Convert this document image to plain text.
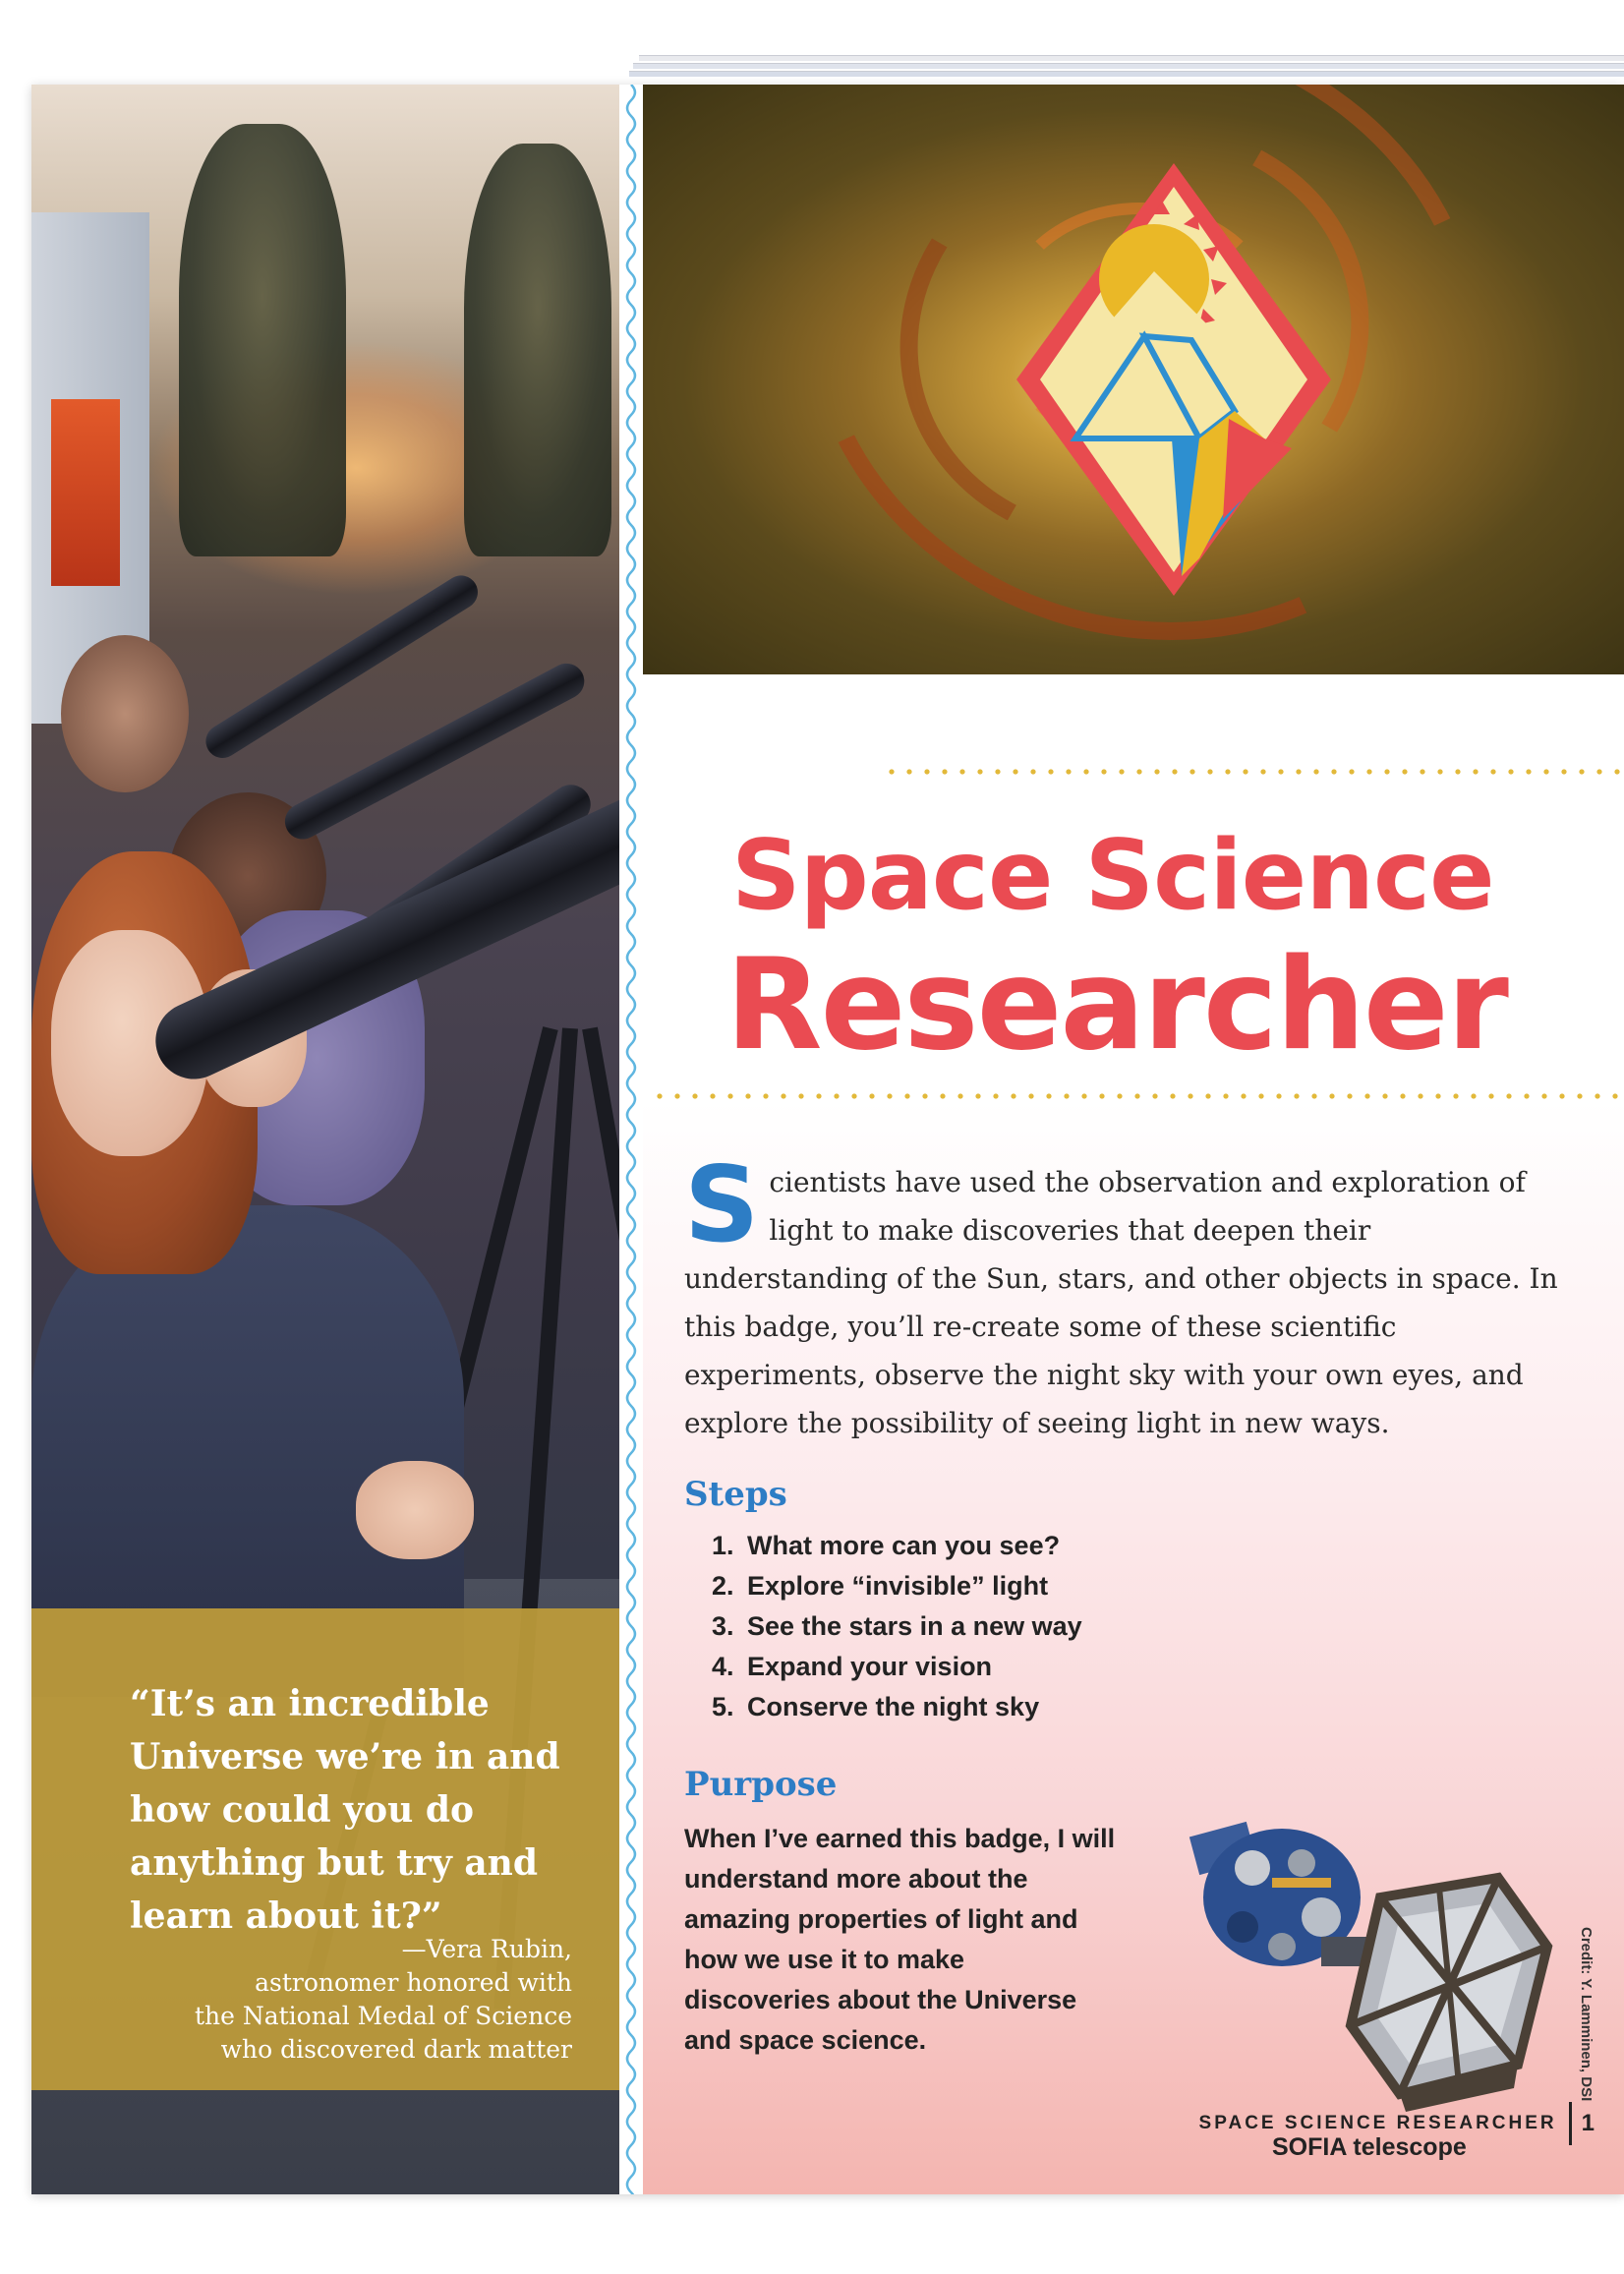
“It’s an incredible Universe we’re in and how could you do anything but try and learn about it?”
—Vera Rubin,
astronomer honored with
the National Medal of Science
who discovered dark matter
Space Science
Researcher

Scientists have used the observation and exploration of light to make discoveries that deepen their understanding of the Sun, stars, and other objects in space. In this badge, you’ll re-create some of these scientific experiments, observe the night sky with your own eyes, and explore the possibility of seeing light in new ways.

Steps
1. What more can you see?
2. Explore “invisible” light
3. See the stars in a new way
4. Expand your vision
5. Conserve the night sky
Purpose

When I’ve earned this badge, I will understand more about the amazing properties of light and how we use it to make discoveries about the Universe and space science.

SOFIA telescope
Credit: Y. Lamminen, DSI
SPACE SCIENCE RESEARCHER 1
